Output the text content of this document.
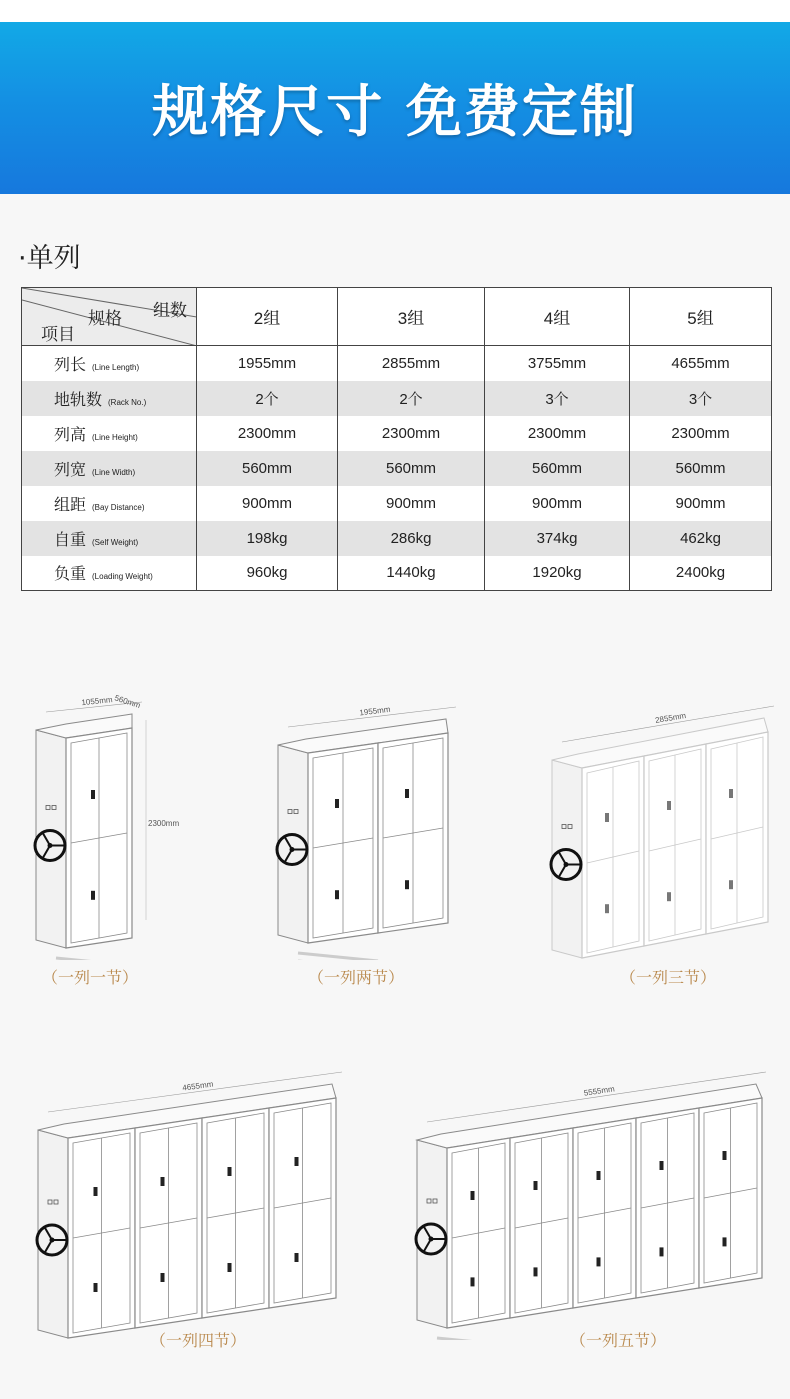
规格尺寸 免费定制
·单列
组数
规格
项目	2组	3组	4组	5组
列长 (Line Length)	1955mm	2855mm	3755mm	4655mm
地轨数 (Rack No.)	2个	2个	3个	3个
列高 (Line Height)	2300mm	2300mm	2300mm	2300mm
列宽 (Line Width)	560mm	560mm	560mm	560mm
组距 (Bay Distance)	900mm	900mm	900mm	900mm
自重 (Self Weight)	198kg	286kg	374kg	462kg
负重 (Loading Weight)	960kg	1440kg	1920kg	2400kg
1055mm 560mm
2300mm
1955mm	2855mm
4655mm	5555mm
（一列一节）	（一列两节）	（一列三节）
（一列四节）	（一列五节）
